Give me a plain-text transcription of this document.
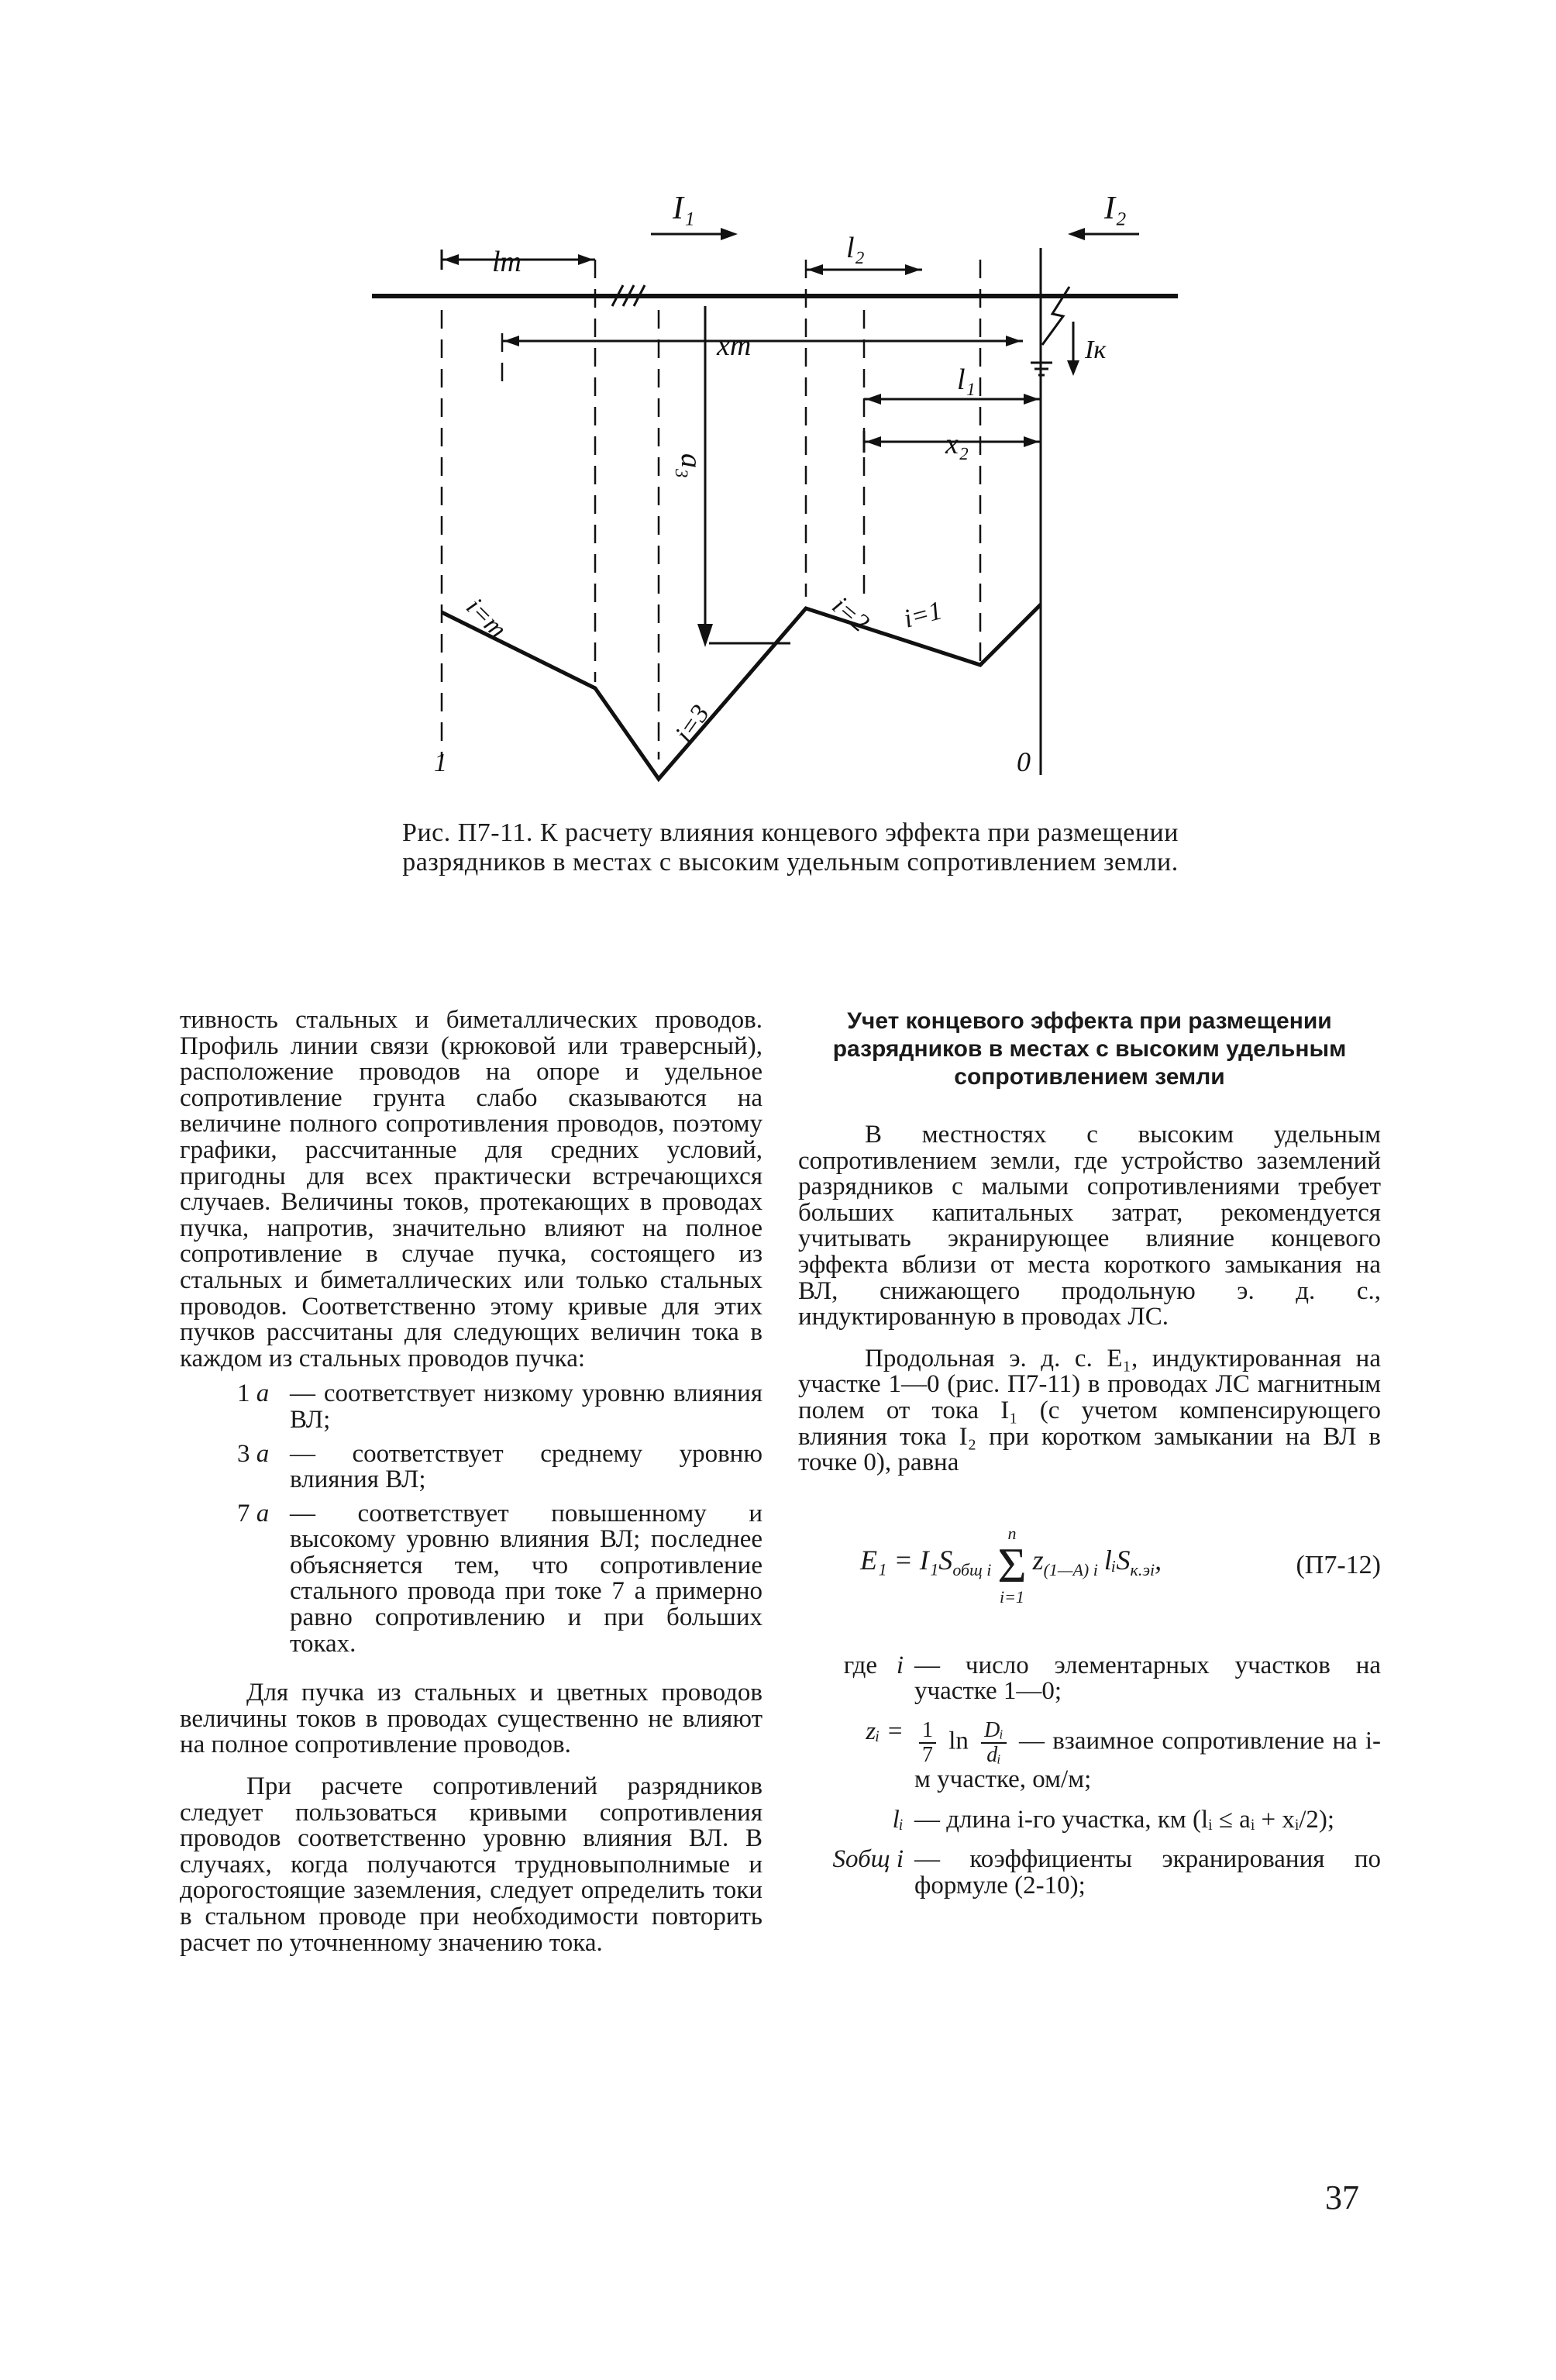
I₁	I₂
Iк
lm	l₂
xm
l₁
x₂
a₃
i=m
i=3
i=2 i=1
1	0
Рис. П7-11. К расчету влияния концевого эффекта при размещении разрядников в местах с высоким удельным сопротивлением земли.

тивность стальных и биметаллических проводов. Профиль линии связи (крюковой или траверсный), расположение проводов на опоре и удельное сопротивление грунта слабо сказываются на величине полного сопротивления проводов, поэтому графики, рассчитанные для средних условий, пригодны для всех практически встречающихся случаев. Величины токов, протекающих в проводах пучка, напротив, значительно влияют на полное сопротивление в случае пучка, состоящего из стальных и биметаллических или только стальных проводов. Соответственно этому кривые для этих пучков рассчитаны для следующих величин тока в каждом из стальных проводов пучка:

1 a — соответствует низкому уровню влияния ВЛ;
3 a — соответствует среднему уровню влияния ВЛ;
7 a — соответствует повышенному и высокому уровню влияния ВЛ; последнее объясняется тем, что сопротивление стального провода при токе 7 а примерно равно сопротивлению и при больших токах.

Для пучка из стальных и цветных проводов величины токов в проводах существенно не влияют на полное сопротивление проводов.

При расчете сопротивлений разрядников следует пользоваться кривыми сопротивления проводов соответственно уровню влияния ВЛ. В случаях, когда получаются трудновыполнимые и дорогостоящие заземления, следует определить токи в стальном проводе при необходимости повторить расчет по уточненному значению тока.

Учет концевого эффекта при размещении разрядников в местах с высоким удельным сопротивлением земли

В местностях с высоким удельным сопротивлением земли, где устройство заземлений разрядников с малыми сопротивлениями требует больших капитальных затрат, рекомендуется учитывать экранирующее влияние концевого эффекта вблизи от места короткого замыкания на ВЛ, снижающего продольную э. д. с., индуктированную в проводах ЛС.

Продольная э. д. с. E₁, индуктированная на участке 1—0 (рис. П7-11) в проводах ЛС магнитным полем от тока I₁ (с учетом компенсирующего влияния тока I₂ при коротком замыкании на ВЛ в точке 0), равна

$E_1 = I_1S_{общ i}$
n
Σ
i=1
$z_{(1—A) i}$ lᵢS$_{к.эi}$,	(П7-12)
где i — число элементарных участков на участке 1—0;
zᵢ = $\frac{1}{7}$ $\ln \frac{\text{Dᵢ}}{\text{dᵢ}}$ — взаимное сопротивление на i-м участке, ом/м;
lᵢ — длина i-го участка, км (lᵢ ≤ aᵢ + xᵢ/2);
Sобщ i — коэффициенты экранирования по формуле (2-10);
37
